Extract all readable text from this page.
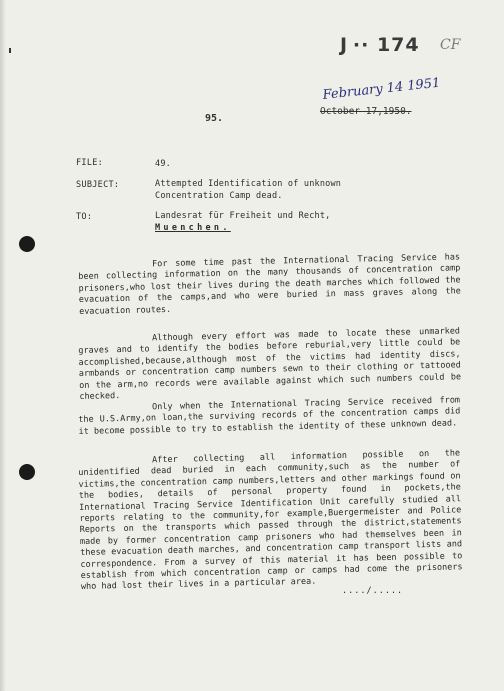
J ·· 174 CF
February 14 1951
October 17,1950.
95.
FILE:	49.
SUBJECT:	Attempted Identification of unknown
Concentration Camp dead.
TO:	Landesrat für Freiheit und Recht,
Muenchen.

For some time past the International Tracing Service has been collecting information on the many thousands of concentration camp prisoners,who lost their lives during the death marches which followed the evacuation of the camps,and who were buried in mass graves along the evacuation routes.

Although every effort was made to locate these unmarked graves and to identify the bodies before reburial,very little could be accomplished,because,although most of the victims had identity discs, armbands or concentration camp numbers sewn to their clothing or tattooed on the arm,no records were available against which such numbers could be checked.	Only when the International Tracing Service received from the U.S.Army,on loan,the surviving records of the concentration camps did it become possible to try to establish the identity of these unknown dead.

After collecting all information possible on the unidentified dead buried in each community,such as the number of victims,the concentration camp numbers,letters and other markings found on the bodies, details of personal property found in pockets,the International Tracing Service Identification Unit carefully studied all reports relating to the community,for example,Buergermeister and Police Reports on the transports which passed through the district,statements made by former concentration camp prisoners who had themselves been in these evacuation death marches, and concentration camp transport lists and correspondence. From a survey of this material it has been possible to establish from which concentration camp or camps had come the prisoners who had lost their lives in a particular area.	..../.....
